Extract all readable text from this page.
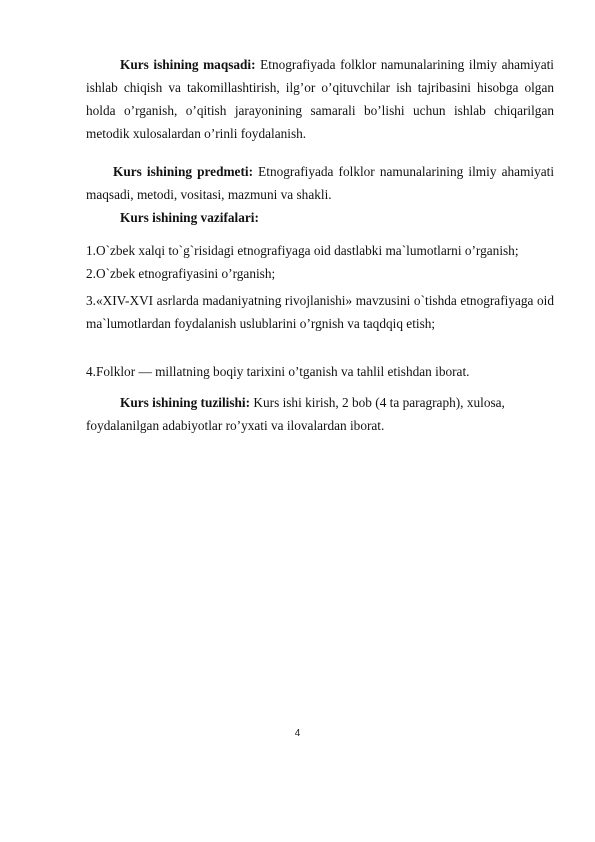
Kurs ishining maqsadi: Etnografiyada folklor namunalarining ilmiy ahamiyati ishlab chiqish va takomillashtirish, ilg’or o’qituvchilar ish tajribasini hisobga olgan holda o’rganish, o’qitish jarayonining samarali bo’lishi uchun ishlab chiqarilgan metodik xulosalardan o’rinli foydalanish.

Kurs ishining predmeti: Etnografiyada folklor namunalarining ilmiy ahamiyati maqsadi, metodi, vositasi, mazmuni va shakli.

Kurs ishining vazifalari:

1.O`zbek xalqi to`g`risidagi etnografiyaga oid dastlabki ma`lumotlarni o’rganish;

2.O`zbek etnografiyasini o’rganish;

3.«XIV-XVI asrlarda madaniyatning rivojlanishi» mavzusini o`tishda etnografiyaga oid ma`lumotlardan foydalanish uslublarini o’rgnish va taqdqiq etish;

4.Folklor — millatning boqiy tarixini o’tganish va tahlil etishdan iborat.

Kurs ishining tuzilishi: Kurs ishi kirish, 2 bob (4 ta paragraph), xulosa,

foydalanilgan adabiyotlar ro’yxati va ilovalardan iborat.

4
